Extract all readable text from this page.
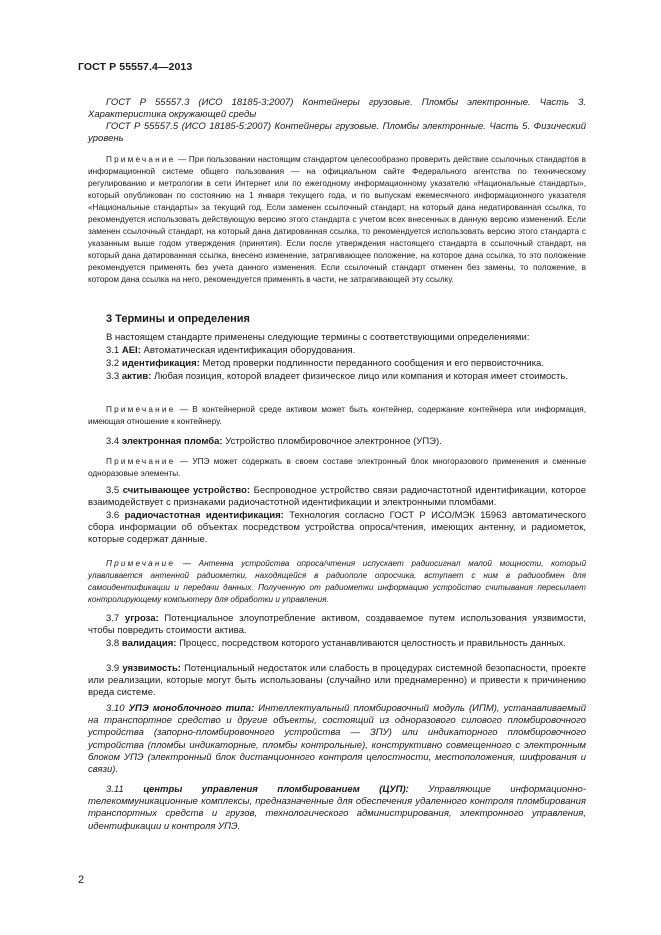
ГОСТ Р 55557.4—2013

ГОСТ Р 55557.3 (ИСО 18185-3:2007) Контейнеры грузовые. Пломбы электронные. Часть 3. Характеристика окружающей среды

ГОСТ Р 55557.5 (ИСО 18185-5:2007) Контейнеры грузовые. Пломбы электронные. Часть 5. Физический уровень

Примечание — При пользовании настоящим стандартом целесообразно проверить действие ссылочных стандартов в информационной системе общего пользования — на официальном сайте Федерального агентства по техническому регулированию и метрологии в сети Интернет или по ежегодному информационному указателю «Национальные стандарты», который опубликован по состоянию на 1 января текущего года, и по выпускам ежемесячного информационного указателя «Национальные стандарты» за текущий год. Если заменен ссылочный стандарт, на который дана недатированная ссылка, то рекомендуется использовать действующую версию этого стандарта с учетом всех внесенных в данную версию изменений. Если заменен ссылочный стандарт, на который дана датированная ссылка, то рекомендуется использовать версию этого стандарта с указанным выше годом утверждения (принятия). Если после утверждения настоящего стандарта в ссылочный стандарт, на который дана датированная ссылка, внесено изменение, затрагивающее положение, на которое дана ссылка, то это положение рекомендуется применять без учета данного изменения. Если ссылочный стандарт отменен без замены, то положение, в котором дана ссылка на него, рекомендуется применять в части, не затрагивающей эту ссылку.

3 Термины и определения

В настоящем стандарте применены следующие термины с соответствующими определениями:

3.1 AEI: Автоматическая идентификация оборудования.

3.2 идентификация: Метод проверки подлинности переданного сообщения и его первоисточника.

3.3 актив: Любая позиция, которой владеет физическое лицо или компания и которая имеет стоимость.

Примечание — В контейнерной среде активом может быть контейнер, содержание контейнера или информация, имеющая отношение к контейнеру.

3.4 электронная пломба: Устройство пломбировочное электронное (УПЭ).

Примечание — УПЭ может содержать в своем составе электронный блок многоразового применения и сменные одноразовые элементы.

3.5 считывающее устройство: Беспроводное устройство связи радиочастотной идентификации, которое взаимодействует с признаками радиочастотной идентификации и электронными пломбами.

3.6 радиочастотная идентификация: Технология согласно ГОСТ Р ИСО/МЭК 15963 автоматического сбора информации об объектах посредством устройства опроса/чтения, имеющих антенну, и радиометок, которые содержат данные.

Примечание — Антенна устройства опроса/чтения испускает радиосигнал малой мощности, который улавливается антенной радиометки, находящейся в радиополе опросчика, вступает с ним в радиообмен для самоидентификации и передачи данных. Полученную от радиометки информацию устройство считывания пересылает контролирующему компьютеру для обработки и управления.

3.7 угроза: Потенциальное злоупотребление активом, создаваемое путем использования уязвимости, чтобы повредить стоимости актива.

3.8 валидация: Процесс, посредством которого устанавливаются целостность и правильность данных.

3.9 уязвимость: Потенциальный недостаток или слабость в процедурах системной безопасности, проекте или реализации, которые могут быть использованы (случайно или преднамеренно) и привести к причинению вреда системе.

3.10 УПЭ моноблочного типа: Интеллектуальный пломбировочный модуль (ИПМ), устанавливаемый на транспортное средство и другие объекты, состоящий из одноразового силового пломбировочного устройства (запорно-пломбировочного устройства — ЗПУ) или индикаторного пломбировочного устройства (пломбы индикаторные, пломбы контрольные), конструктивно совмещенного с электронным блоком УПЭ (электронный блок дистанционного контроля целостности, местоположения, шифрования и связи).

3.11 центры управления пломбированием (ЦУП): Управляющие информационно-телекоммуникационные комплексы, предназначенные для обеспечения удаленного контроля пломбирования транспортных средств и грузов, технологического администрирования, электронного управления, идентификации и контроля УПЭ.

2
